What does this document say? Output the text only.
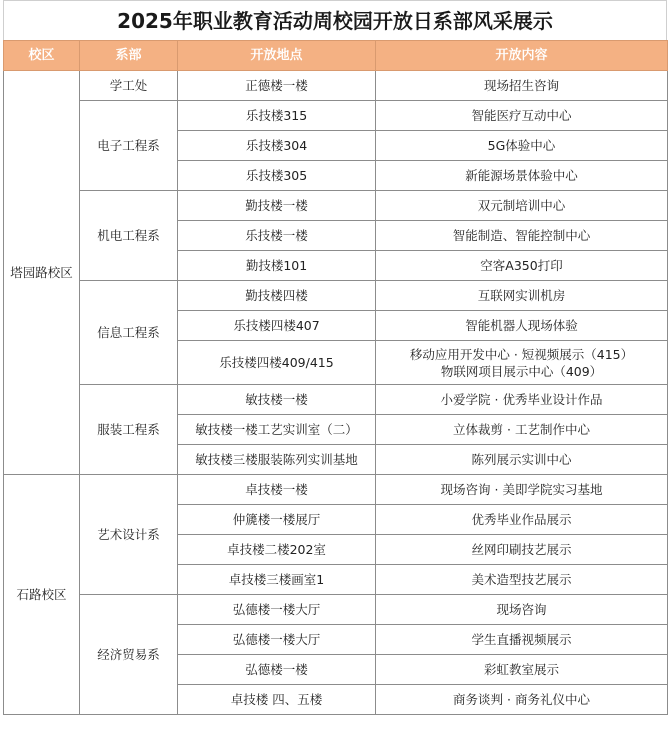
2025年职业教育活动周校园开放日系部风采展示
校区	系部	开放地点	开放内容
塔园路校区	学工处	正德楼一楼	现场招生咨询

	电子工程系	乐技楼315	智能医疗互动中心

		乐技楼304	5G体验中心

		乐技楼305	新能源场景体验中心

	机电工程系	勤技楼一楼	双元制培训中心

		乐技楼一楼	智能制造、智能控制中心

		勤技楼101	空客A350打印

	信息工程系	勤技楼四楼	互联网实训机房

		乐技楼四楼407	智能机器人现场体验

		乐技楼四楼409/415	移动应用开发中心 · 短视频展示（415）
物联网项目展示中心（409）

	服装工程系	敏技楼一楼	小爱学院 · 优秀毕业设计作品

		敏技楼一楼工艺实训室（二）	立体裁剪 · 工艺制作中心

		敏技楼三楼服装陈列实训基地	陈列展示实训中心

石路校区	艺术设计系	卓技楼一楼	现场咨询 · 美即学院实习基地

		仲篪楼一楼展厅	优秀毕业作品展示

		卓技楼二楼202室	丝网印刷技艺展示

		卓技楼三楼画室1	美术造型技艺展示

	经济贸易系	弘德楼一楼大厅	现场咨询

		弘德楼一楼大厅	学生直播视频展示

		弘德楼一楼	彩虹教室展示

		卓技楼 四、五楼	商务谈判 · 商务礼仪中心
